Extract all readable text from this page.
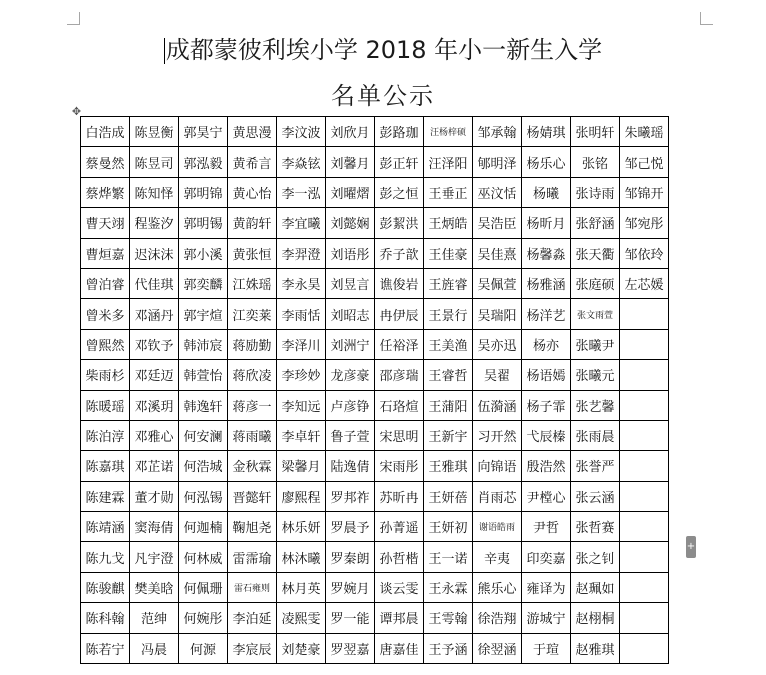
成都蒙彼利埃小学 2018 年小一新生入学
名单公示
✥
+
白浩成	陈昱衡	郭昊宁	黄思漫	李汶波	刘欣月	彭路珈	汪杨梓硕	邹承翰	杨婧琪	张明轩	朱曦瑶
蔡曼然	陈昱司	郭泓毅	黄希言	李焱铉	刘馨月	彭正轩	汪泽阳	郇明泽	杨乐心	张铭	邹己悦
蔡烨繁	陈知怿	郭明锦	黄心怡	李一泓	刘曜熠	彭之恒	王垂正	巫汶恬	杨曦	张诗雨	邹锦开
曹天翊	程鉴汐	郭明锡	黄韵轩	李宜曦	刘懿娴	彭絜洪	王炳皓	吴浩臣	杨昕月	张舒涵	邹宛彤
曹烜嘉	迟沫沫	郭小溪	黄张恒	李羿澄	刘语彤	乔子歆	王佳豪	吴佳熹	杨馨淼	张天衢	邹依玲
曾泊睿	代佳琪	郭奕麟	江姝瑶	李永昊	刘昱言	谯俊岩	王旌睿	吴佩萱	杨雅涵	张庭硕	左芯媛
曾米多	邓涵丹	郭宇煊	江奕莱	李雨恬	刘昭志	冉伊辰	王景行	吴瑞阳	杨洋艺	张文雨萱	
曾熙然	邓钦予	韩沛宸	蒋励勤	李泽川	刘洲宁	任裕泽	王美渔	吴亦迅	杨亦	张曦尹	
柴雨杉	邓廷迈	韩萱怡	蒋欣凌	李珍妙	龙彦豪	邵彦瑞	王睿哲	吴翟	杨语嫣	张曦元	
陈暖瑶	邓溪玥	韩逸轩	蒋彦一	李知远	卢彦铮	石珞煊	王蒲阳	伍漪涵	杨子霏	张艺馨	
陈泊淳	邓雅心	何安澜	蒋雨曦	李卓轩	鲁子萱	宋思明	王新宇	习开然	弋辰榛	张雨晨	
陈嘉琪	邓芷诺	何浩城	金秋霖	梁馨月	陆逸倩	宋雨彤	王雅琪	向锦语	殷浩然	张誉严	
陈建霖	董才勋	何泓锡	晋懿轩	廖熙程	罗邦祚	苏昕冉	王妍蓓	肖雨芯	尹樘心	张云涵	
陈靖涵	窦海倩	何迦楠	鞠旭尧	林乐妍	罗晨予	孙菁遥	王妍初	谢语皓雨	尹哲	张哲赛	
陈九戈	凡宇澄	何林威	雷霈瑜	林沐曦	罗秦朗	孙哲楷	王一诺	辛夷	印奕嘉	张之钊	
陈骏麒	樊美晗	何佩珊	雷石雍则	林月英	罗婉月	谈云雯	王永霖	熊乐心	雍译为	赵珮如	
陈科翰	范绅	何婉彤	李泊延	凌熙雯	罗一能	谭邦晨	王雩翰	徐浩翔	游城宁	赵栩桐	
陈若宁	冯晨	何源	李宸辰	刘楚豪	罗翌嘉	唐嘉佳	王予涵	徐翌涵	于瑄	赵雅琪	
